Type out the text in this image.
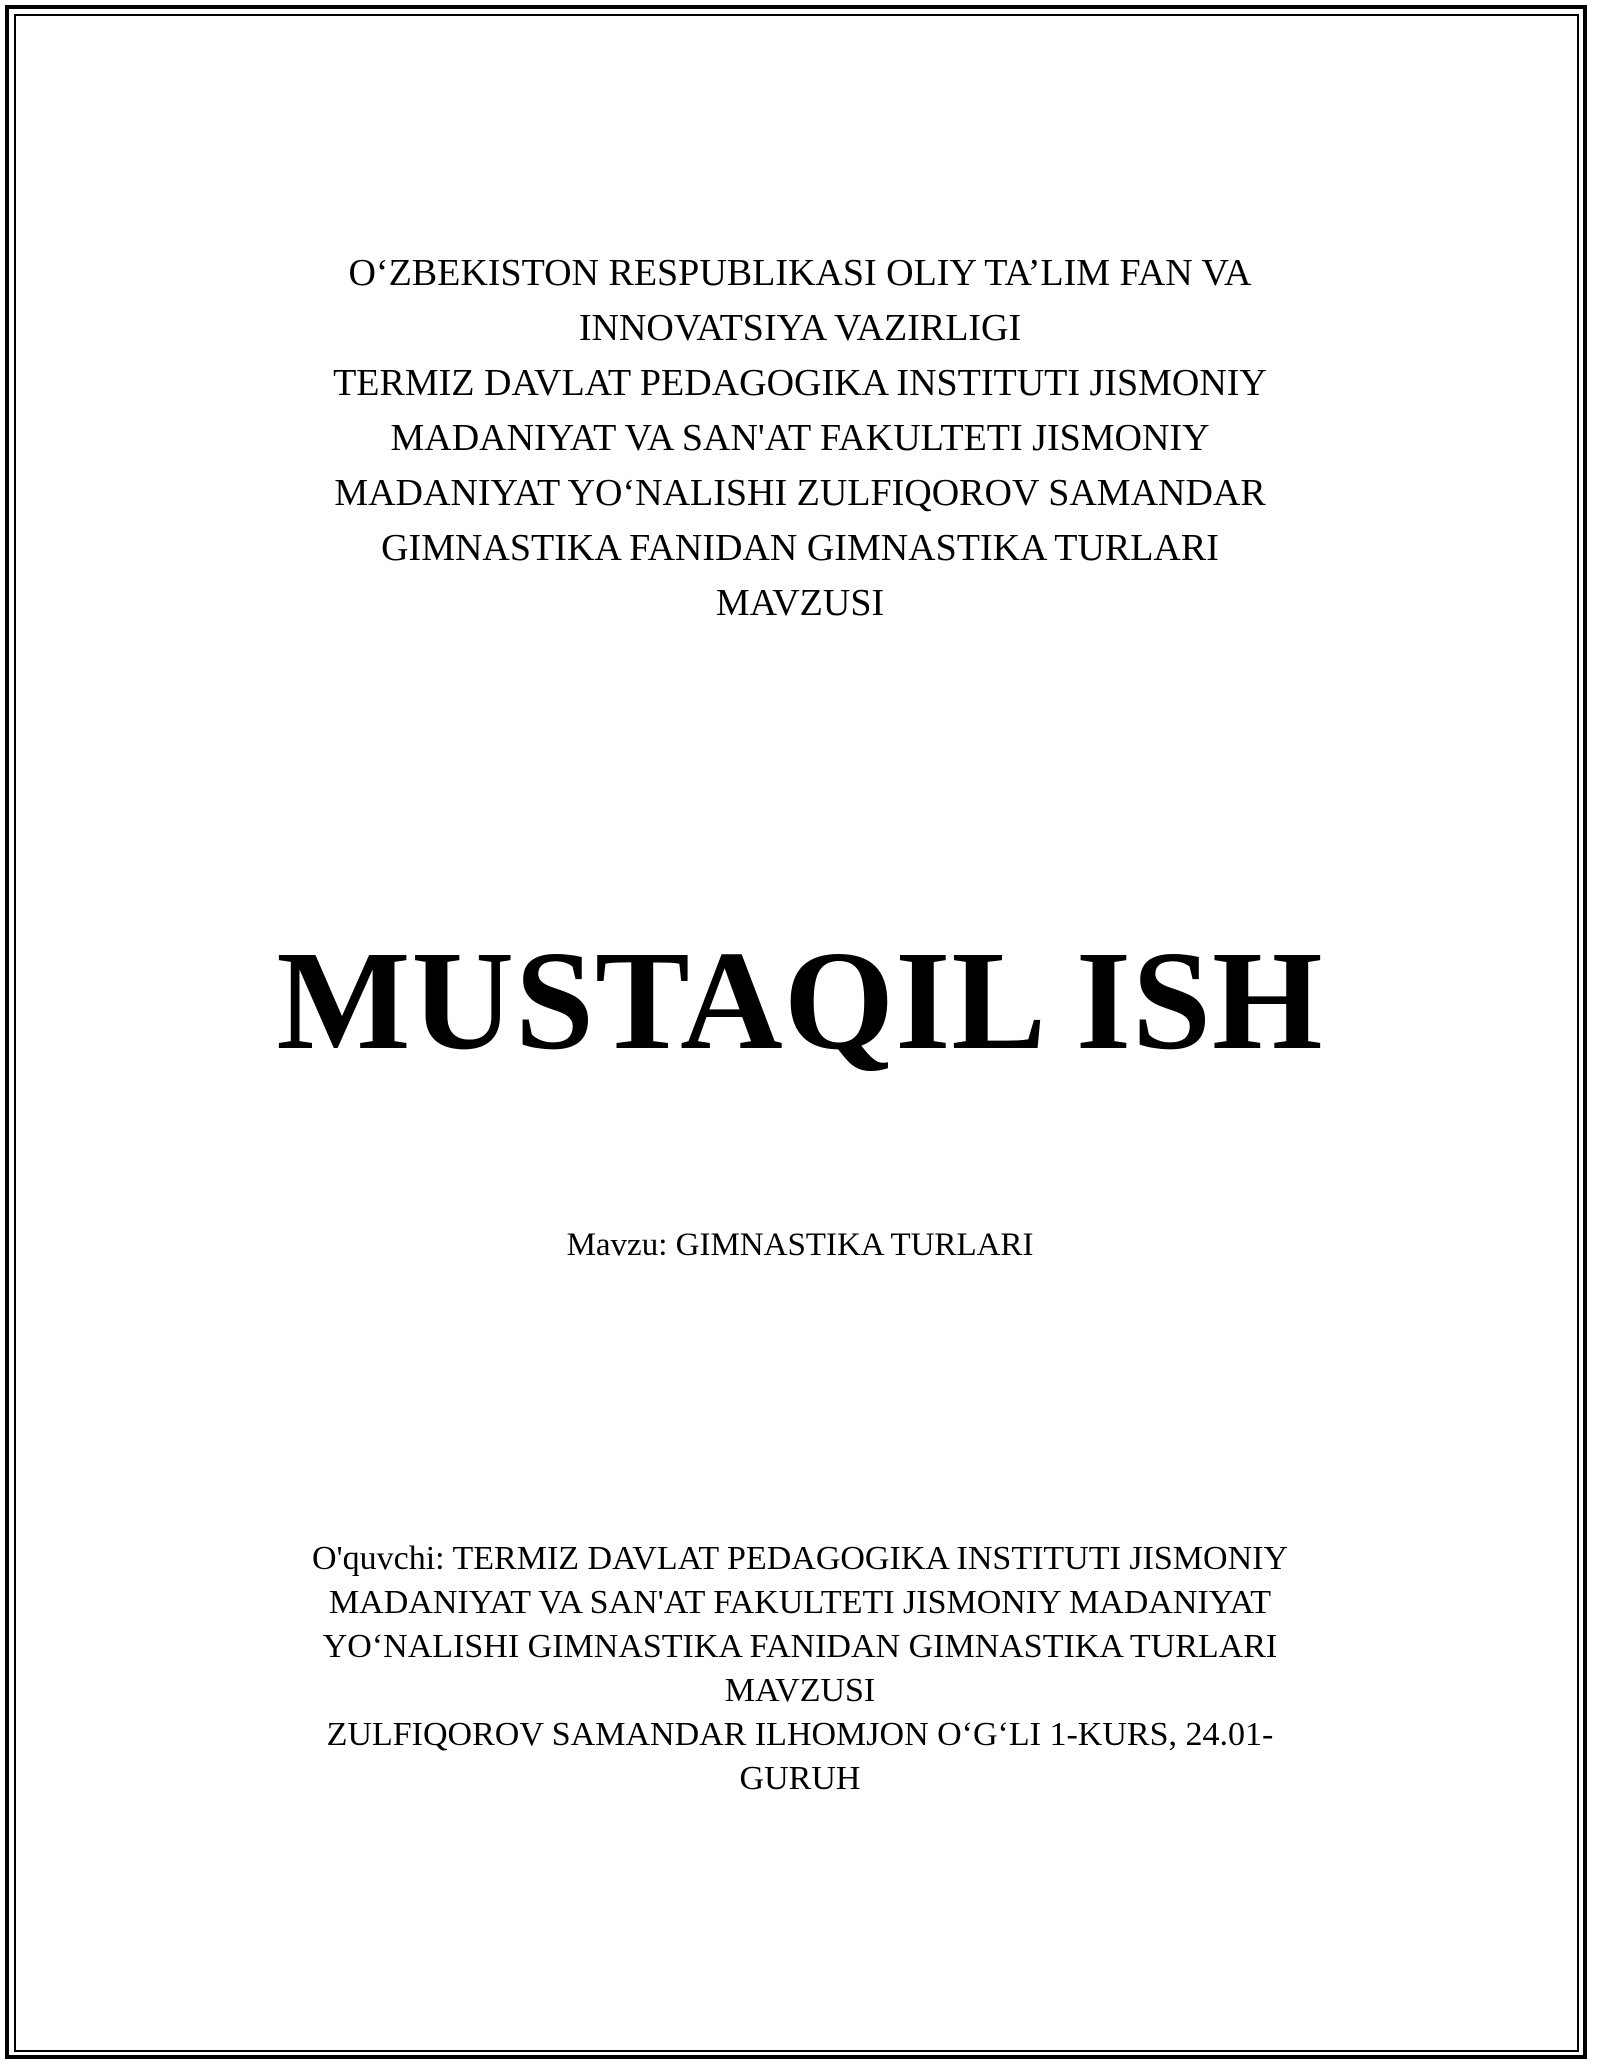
O‘ZBEKISTON RESPUBLIKASI OLIY TA’LIM FAN VA
INNOVATSIYA VAZIRLIGI
TERMIZ DAVLAT PEDAGOGIKA INSTITUTI JISMONIY
MADANIYAT VA SAN'AT FAKULTETI JISMONIY
MADANIYAT YO‘NALISHI ZULFIQOROV SAMANDAR
GIMNASTIKA FANIDAN GIMNASTIKA TURLARI
MAVZUSI
MUSTAQIL ISH
Mavzu: GIMNASTIKA TURLARI
O'quvchi: TERMIZ DAVLAT PEDAGOGIKA INSTITUTI JISMONIY
MADANIYAT VA SAN'AT FAKULTETI JISMONIY MADANIYAT
YO‘NALISHI GIMNASTIKA FANIDAN GIMNASTIKA TURLARI
MAVZUSI
ZULFIQOROV SAMANDAR ILHOMJON O‘G‘LI 1-KURS, 24.01-
GURUH
